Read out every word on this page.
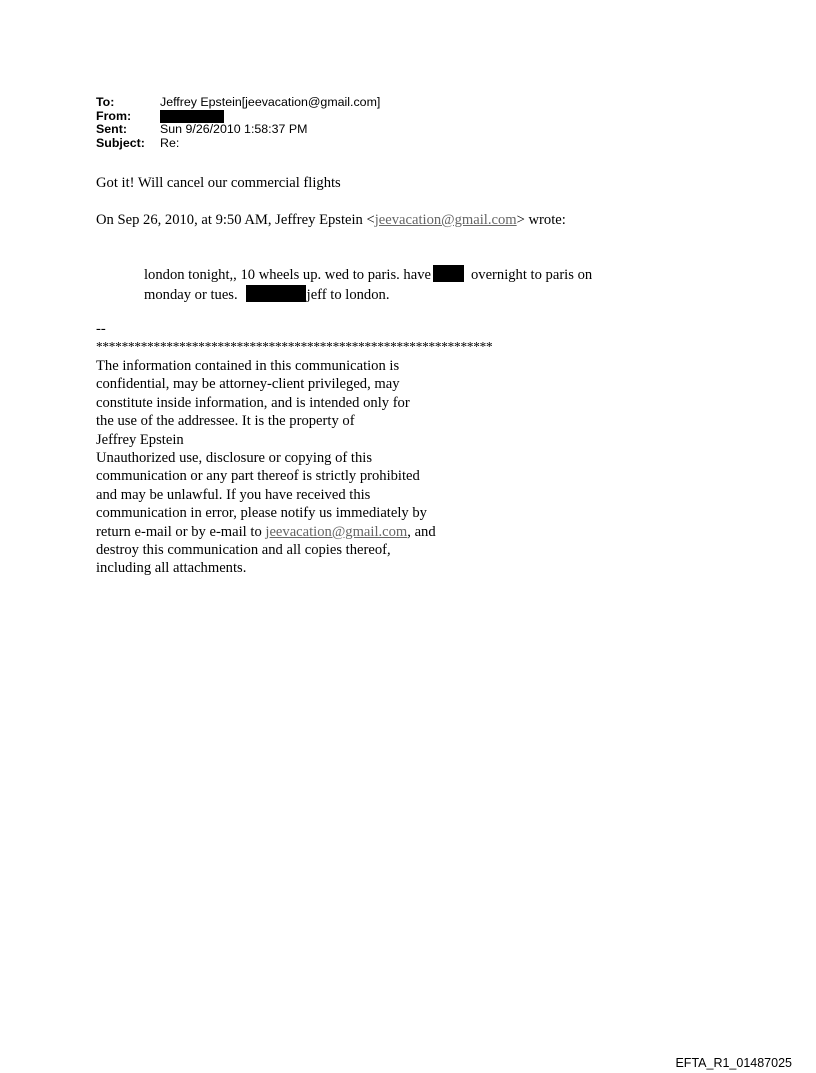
To:	Jeffrey Epstein[jeevacation@gmail.com]
From:
Sent:	Sun 9/26/2010 1:58:37 PM
Subject:	Re:
Got it! Will cancel our commercial flights
On Sep 26, 2010, at 9:50 AM, Jeffrey Epstein <jeevacation@gmail.com> wrote:
london tonight,, 10 wheels up. wed to paris. have	overnight to paris on
monday or tues.	jeff to london.
--
**************************************************************
The information contained in this communication is
confidential, may be attorney-client privileged, may
constitute inside information, and is intended only for
the use of the addressee. It is the property of
Jeffrey Epstein
Unauthorized use, disclosure or copying of this
communication or any part thereof is strictly prohibited
and may be unlawful. If you have received this
communication in error, please notify us immediately by
return e-mail or by e-mail to jeevacation@gmail.com, and
destroy this communication and all copies thereof,
including all attachments.
EFTA_R1_01487025
